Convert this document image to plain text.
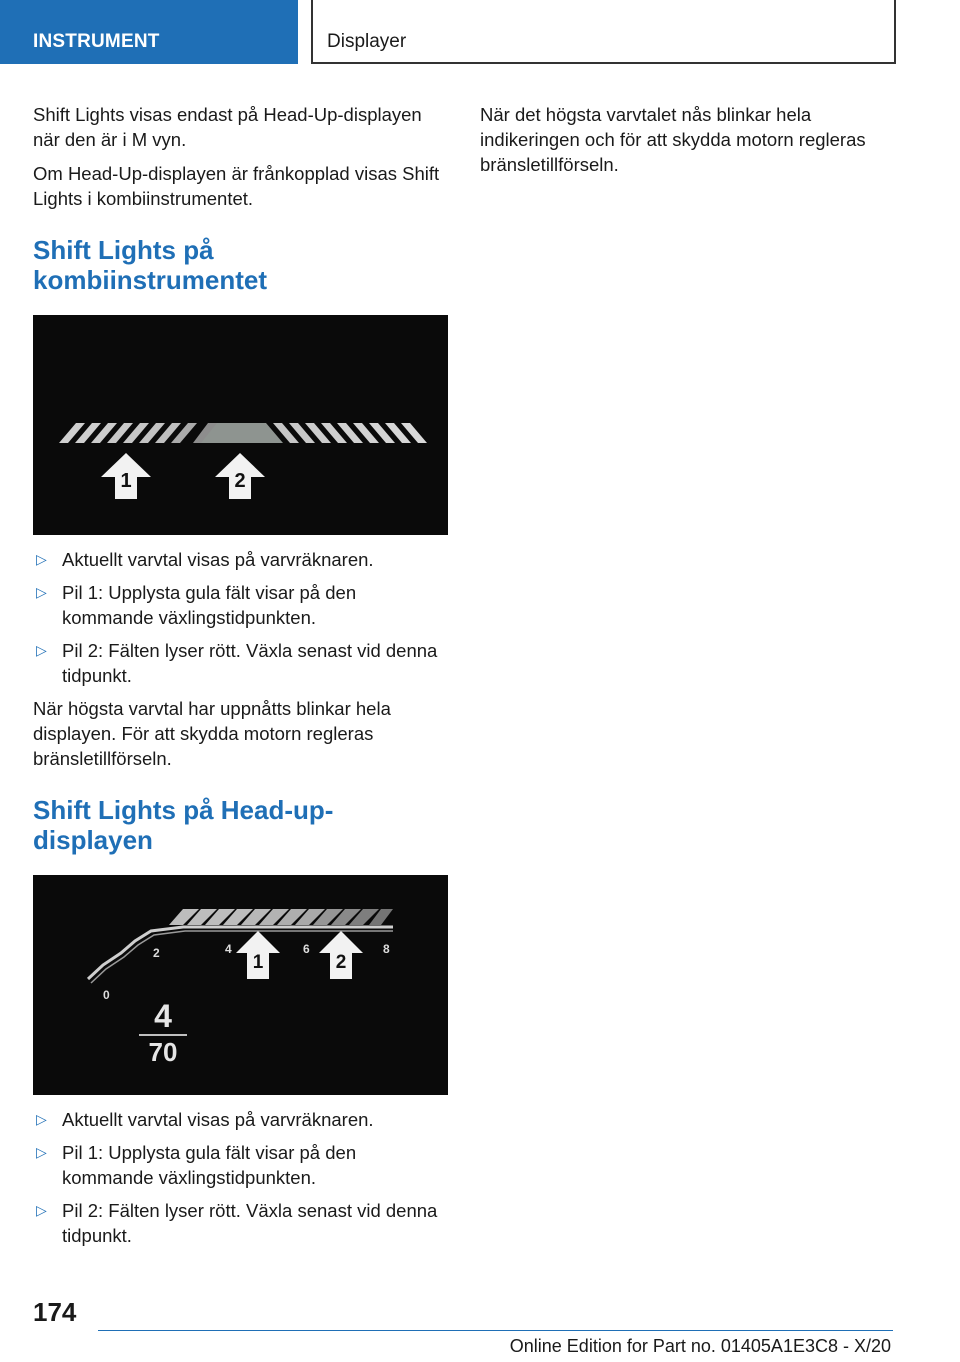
INSTRUMENT	Displayer

Shift Lights visas endast på Head-Up-displayen när den är i M vyn.

Om Head-Up-displayen är frånkopplad visas Shift Lights i kombiinstrumentet.

Shift Lights på kombiinstrumentet
1	2
▷ Aktuellt varvtal visas på varvräknaren.
▷ Pil 1: Upplysta gula fält visar på den kommande växlingstidpunkten.
▷ Pil 2: Fälten lyser rött. Växla senast vid denna tidpunkt.

När högsta varvtal har uppnåtts blinkar hela displayen. För att skydda motorn regleras bränsletillförseln.

Shift Lights på Head-up-displayen
0
2	4	6	8
1	2
4
70
▷ Aktuellt varvtal visas på varvräknaren.
▷ Pil 1: Upplysta gula fält visar på den kommande växlingstidpunkten.
▷ Pil 2: Fälten lyser rött. Växla senast vid denna tidpunkt.

När det högsta varvtalet nås blinkar hela indikeringen och för att skydda motorn regleras bränsletillförseln.

174
Online Edition for Part no. 01405A1E3C8 - X/20
